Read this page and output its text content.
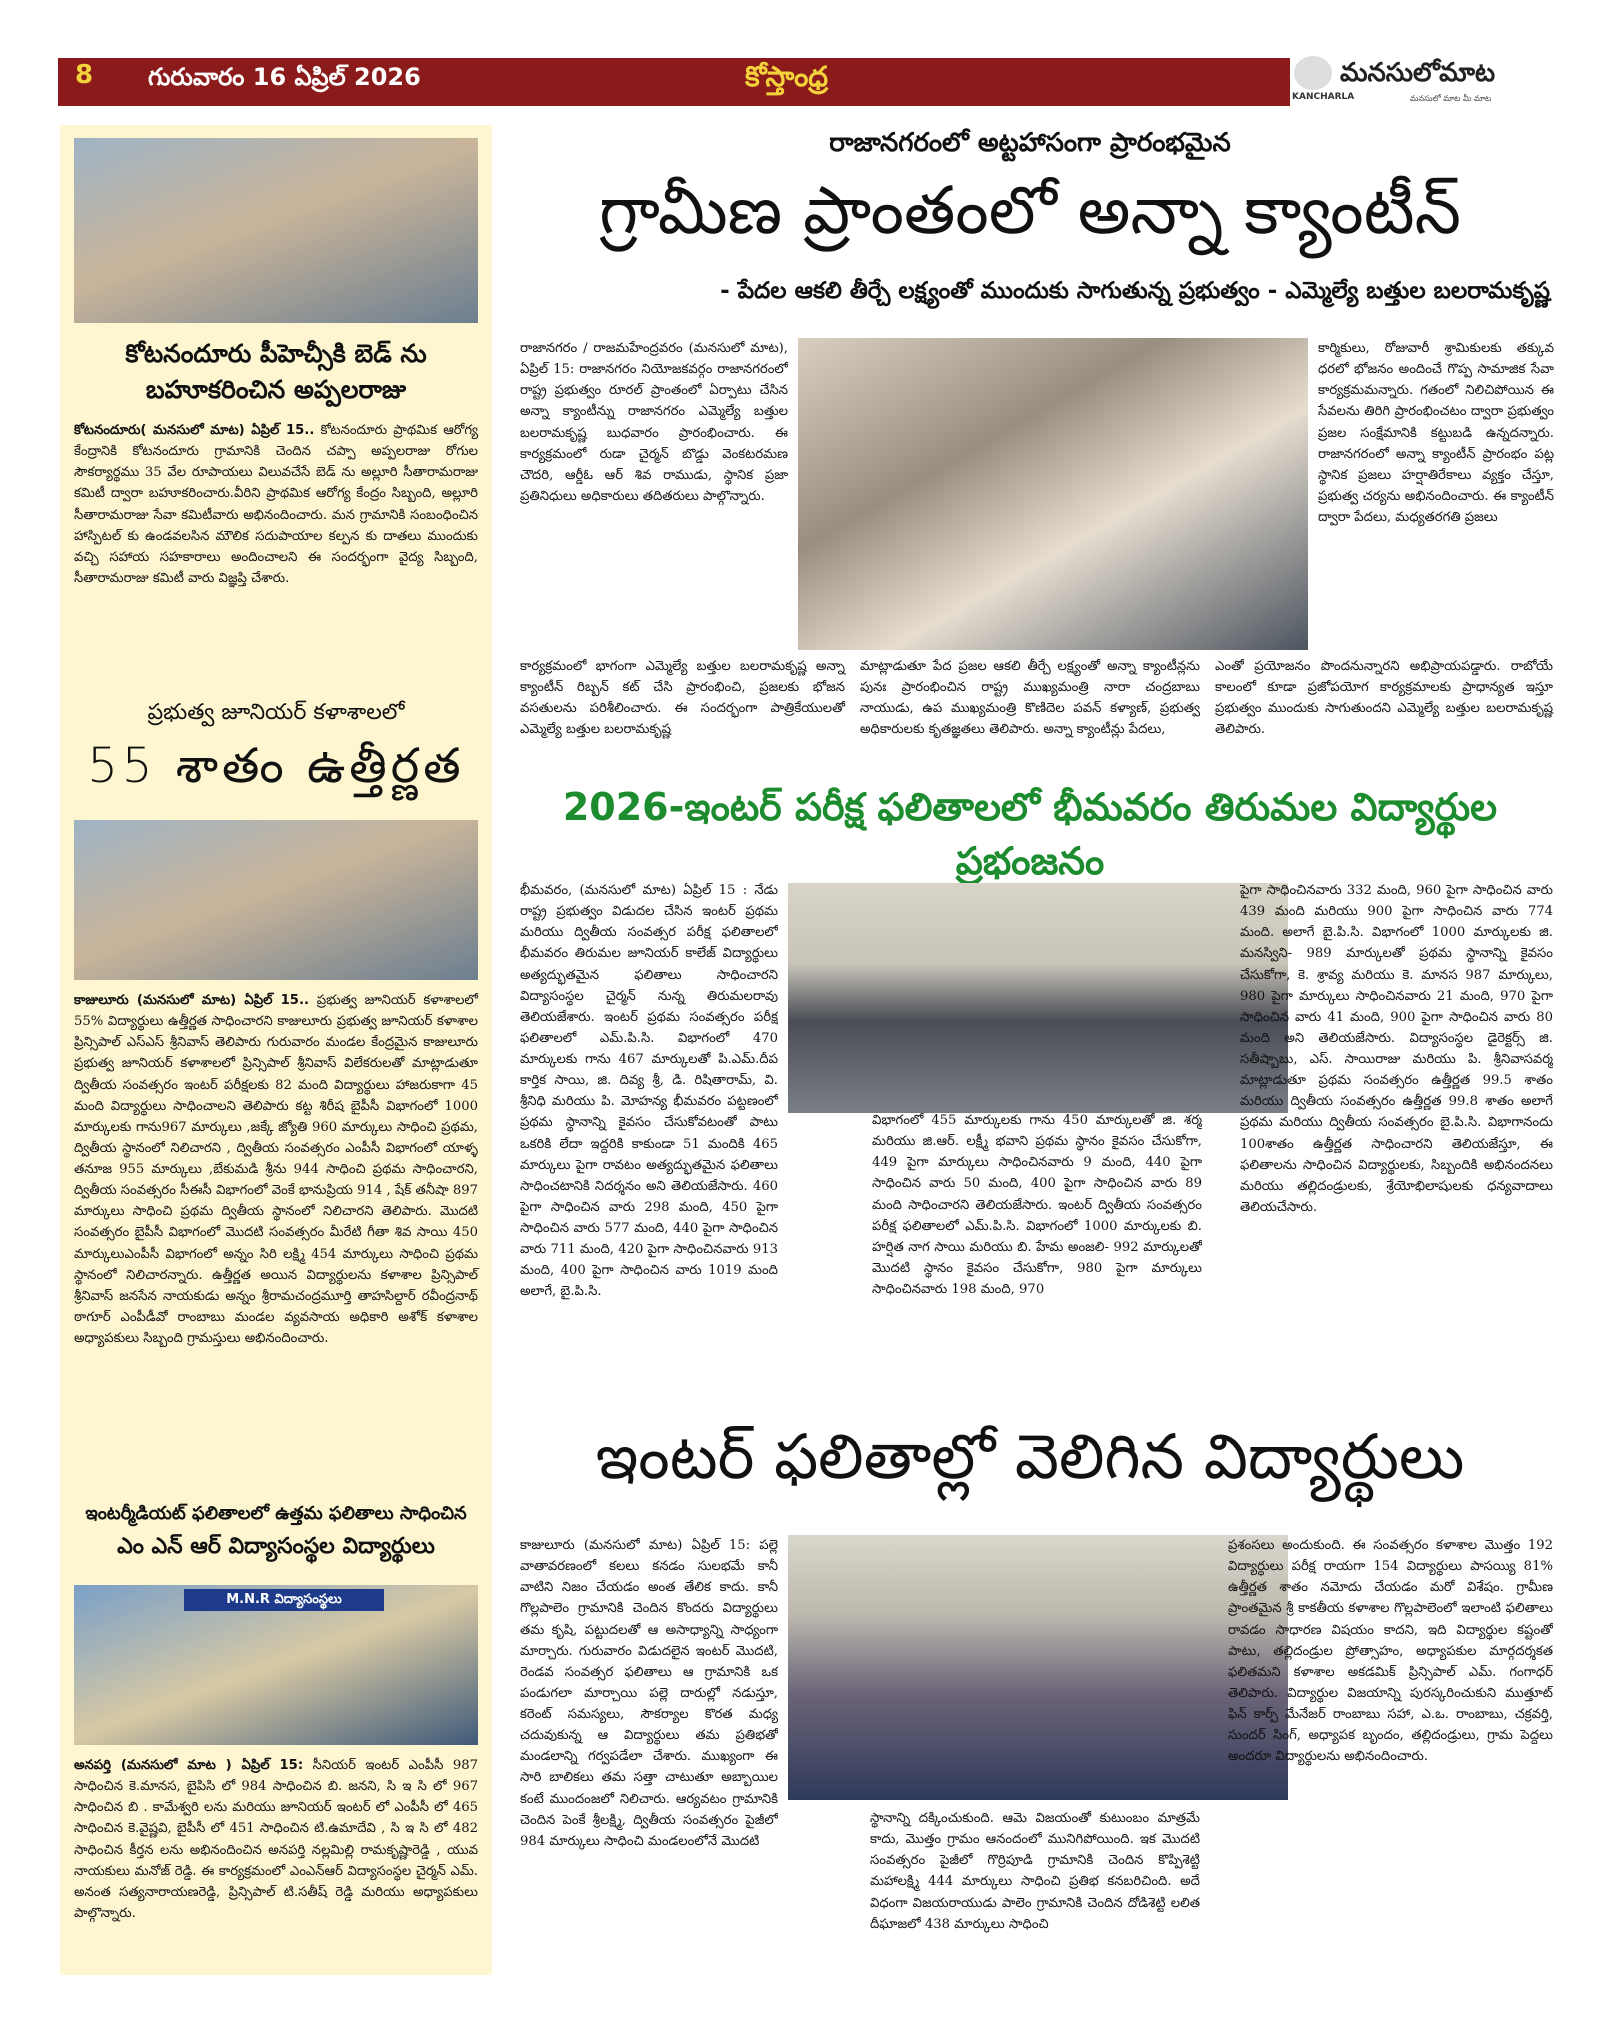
8 గురువారం 16 ఏప్రిల్ 2026	కోస్తాంధ్ర
KANCHARLA
మనసులోమాట
మనసులో మాట మీ మాట
కోటనందూరు పీహెచ్సీకి బెడ్ ను
బహూకరించిన అప్పలరాజు
కోటనందూరు( మనసులో మాట) ఏప్రిల్ 15.. కోటనందూరు ప్రాథమిక ఆరోగ్య కేంద్రానికి కోటనందూరు గ్రామానికి చెందిన చప్పా అప్పలరాజు రోగుల సౌకర్యార్థము 35 వేల రూపాయలు విలువచేసే బెడ్ ను అల్లూరి సీతారామరాజు కమిటీ ద్వారా బహూకరించారు.వీరిని ప్రాథమిక ఆరోగ్య కేంద్రం సిబ్బంది, అల్లూరి సీతారామరాజు సేవా కమిటీవారు అభినందించారు. మన గ్రామానికి సంబంధించిన హాస్పిటల్ కు ఉండవలసిన మౌలిక సదుపాయాల కల్పన కు దాతలు ముందుకు వచ్చి సహాయ సహకారాలు అందించాలని ఈ సందర్భంగా వైద్య సిబ్బంది, సీతారామరాజు కమిటీ వారు విజ్ఞప్తి చేశారు.
ప్రభుత్వ జూనియర్ కళాశాలలో
55 శాతం ఉత్తీర్ణత
కాజులూరు (మనసులో మాట) ఏప్రిల్ 15.. ప్రభుత్వ జూనియర్ కళాశాలలో 55% విద్యార్థులు ఉత్తీర్ణత సాధించారని కాజులూరు ప్రభుత్వ జూనియర్ కళాశాల ప్రిన్సిపాల్ ఎస్ఎస్ శ్రీనివాస్ తెలిపారు గురువారం మండల కేంద్రమైన కాజులూరు ప్రభుత్వ జూనియర్ కళాశాలలో ప్రిన్సిపాల్ శ్రీనివాస్ విలేకరులతో మాట్లాడుతూ ద్వితీయ సంవత్సరం ఇంటర్ పరీక్షలకు 82 మంది విద్యార్థులు హాజరుకాగా 45 మంది విద్యార్థులు సాధించాలని తెలిపారు కట్ట శిరీష బైపీసీ విభాగంలో 1000 మార్కులకు గాను967 మార్కులు ,జక్కే జ్యోతి 960 మార్కులు సాధించి ప్రథమ, ద్వితీయ స్థానంలో నిలిచారని , ద్వితీయ సంవత్సరం ఎంపీసీ విభాగంలో యాళ్ళ తనూజ 955 మార్కులు ,బేకుమడి శ్రీను 944 సాధించి ప్రథమ సాధించారని, ద్వితీయ సంవత్సరం సీఈసీ విభాగంలో వెంకే భానుప్రియ 914 , షేక్ తనీషా 897 మార్కులు సాధించి ప్రథమ ద్వితీయ స్థానంలో నిలిచారని తెలిపారు. మొదటి సంవత్సరం బైపీసీ విభాగంలో మొదటి సంవత్సరం మీరేటి గీతా శివ సాయి 450 మార్కులుఎంపీసీ విభాగంలో అన్నం సిరి లక్ష్మి 454 మార్కులు సాధించి ప్రథమ స్థానంలో నిలిచారన్నారు. ఉత్తీర్ణత అయిన విద్యార్థులను కళాశాల ప్రిన్సిపాల్ శ్రీనివాస్ జనసేన నాయకుడు అన్నం శ్రీరామచంద్రమూర్తి తాహసిల్దార్ రవీంద్రనాథ్ ఠాగూర్ ఎంపీడీవో రాంబాబు మండల వ్యవసాయ అధికారి అశోక్ కళాశాల అధ్యాపకులు సిబ్బంది గ్రామస్తులు అభినందించారు.
ఇంటర్మీడియట్ ఫలితాలలో ఉత్తమ ఫలితాలు సాధించిన
ఎం ఎన్ ఆర్ విద్యాసంస్థల విద్యార్థులు
M.N.R విద్యాసంస్థలు
అనపర్తి (మనసులో మాట ) ఏప్రిల్ 15: సీనియర్ ఇంటర్ ఎంపీసీ 987 సాధించిన కె.మానస, బైపిసి లో 984 సాధించిన బి. జనని, సి ఇ సి లో 967 సాధించిన బి . కామేశ్వరి లను మరియు జూనియర్ ఇంటర్ లో ఎంపీసీ లో 465 సాధించిన కె.వైష్ణవి, బైపీసీ లో 451 సాధించిన టి.ఉమాదేవి , సి ఇ సి లో 482 సాధించిన కీర్తన లను అభినందించిన అనపర్తి నల్లమిల్లి రామకృష్ణారెడ్డి , యువ నాయకులు మనోజ్ రెడ్డి. ఈ కార్యక్రమంలో ఎంఎన్ఆర్ విద్యాసంస్థల చైర్మన్ ఎమ్. అనంత సత్యనారాయణరెడ్డి, ప్రిన్సిపాల్ టి.సతీష్ రెడ్డి మరియు అధ్యాపకులు పాల్గొన్నారు.
రాజానగరంలో అట్టహాసంగా ప్రారంభమైన
గ్రామీణ ప్రాంతంలో అన్నా క్యాంటీన్
- పేదల ఆకలి తీర్చే లక్ష్యంతో ముందుకు సాగుతున్న ప్రభుత్వం - ఎమ్మెల్యే బత్తుల బలరామకృష్ణ
రాజానగరం / రాజమహేంద్రవరం (మనసులో మాట), ఏప్రిల్ 15: రాజానగరం నియోజకవర్గం రాజానగరంలో రాష్ట్ర ప్రభుత్వం రూరల్ ప్రాంతంలో ఏర్పాటు చేసిన అన్నా క్యాంటీన్ను రాజానగరం ఎమ్మెల్యే బత్తుల బలరామకృష్ణ బుధవారం ప్రారంభించారు. ఈ కార్యక్రమంలో రుడా చైర్మన్ బొడ్డు వెంకటరమణ చౌదరి, ఆర్డీఓ ఆర్ శివ రాముడు, స్థానిక ప్రజా ప్రతినిధులు అధికారులు తదితరులు పాల్గొన్నారు.
కార్మికులు, రోజువారీ శ్రామికులకు తక్కువ ధరలో భోజనం అందించే గొప్ప సామాజిక సేవా కార్యక్రమమన్నారు. గతంలో నిలిచిపోయిన ఈ సేవలను తిరిగి ప్రారంభించటం ద్వారా ప్రభుత్వం ప్రజల సంక్షేమానికి కట్టుబడి ఉన్నదన్నారు. రాజానగరంలో అన్నా క్యాంటీన్ ప్రారంభం పట్ల స్థానిక ప్రజలు హర్షాతిరేకాలు వ్యక్తం చేస్తూ, ప్రభుత్వ చర్యను అభినందించారు. ఈ క్యాంటీన్ ద్వారా పేదలు, మధ్యతరగతి ప్రజలు
కార్యక్రమంలో భాగంగా ఎమ్మెల్యే బత్తుల బలరామకృష్ణ అన్నా క్యాంటీన్ రిబ్బన్ కట్ చేసి ప్రారంభించి, ప్రజలకు భోజన వసతులను పరిశీలించారు. ఈ సందర్భంగా పాత్రికేయులతో ఎమ్మెల్యే బత్తుల బలరామకృష్ణ
మాట్లాడుతూ పేద ప్రజల ఆకలి తీర్చే లక్ష్యంతో అన్నా క్యాంటీన్లను పునః ప్రారంభించిన రాష్ట్ర ముఖ్యమంత్రి నారా చంద్రబాబు నాయుడు, ఉప ముఖ్యమంత్రి కొణిదెల పవన్ కళ్యాణ్, ప్రభుత్వ అధికారులకు కృతజ్ఞతలు తెలిపారు. అన్నా క్యాంటీన్లు పేదలు,
ఎంతో ప్రయోజనం పొందనున్నారని అభిప్రాయపడ్డారు. రాబోయే కాలంలో కూడా ప్రజోపయోగ కార్యక్రమాలకు ప్రాధాన్యత ఇస్తూ ప్రభుత్వం ముందుకు సాగుతుందని ఎమ్మెల్యే బత్తుల బలరామకృష్ణ తెలిపారు.
2026-ఇంటర్ పరీక్ష ఫలితాలలో భీమవరం తిరుమల విద్యార్థుల ప్రభంజనం
భీమవరం, (మనసులో మాట) ఏప్రిల్ 15 : నేడు రాష్ట్ర ప్రభుత్వం విడుదల చేసిన ఇంటర్ ప్రథమ మరియు ద్వితీయ సంవత్సర పరీక్ష ఫలితాలలో భీమవరం తిరుమల జూనియర్ కాలేజ్ విద్యార్థులు అత్యద్భుతమైన ఫలితాలు సాధించారని విద్యాసంస్థల చైర్మన్ నున్న తిరుమలరావు తెలియజేశారు. ఇంటర్ ప్రథమ సంవత్సరం పరీక్ష ఫలితాలలో ఎమ్.పి.సి. విభాగంలో 470 మార్కులకు గాను 467 మార్కులతో పి.ఎమ్.దీప కార్తిక సాయి, జి. దివ్య శ్రీ, డి. రిషితారామ్, వి. శ్రీనిధి మరియు పి. మోహన్య భీమవరం పట్టణంలో ప్రథమ స్థానాన్ని కైవసం చేసుకోవటంతో పాటు ఒకరికి లేదా ఇద్దరికి కాకుండా 51 మందికి 465 మార్కులు పైగా రావటం అత్యద్భుతమైన ఫలితాలు సాధించటానికి నిదర్శనం అని తెలియజేసారు. 460 పైగా సాధించిన వారు 298 మంది, 450 పైగా సాధించిన వారు 577 మంది, 440 పైగా సాధించిన వారు 711 మంది, 420 పైగా సాధించినవారు 913 మంది, 400 పైగా సాధించిన వారు 1019 మంది అలాగే, బై.పి.సి.
విభాగంలో 455 మార్కులకు గాను 450 మార్కులతో జి. శర్మ మరియు జి.ఆర్. లక్ష్మీ భవాని ప్రథమ స్థానం కైవసం చేసుకోగా, 449 పైగా మార్కులు సాధించినవారు 9 మంది, 440 పైగా సాధించిన వారు 50 మంది, 400 పైగా సాధించిన వారు 89 మంది సాధించారని తెలియజేసారు. ఇంటర్ ద్వితీయ సంవత్సరం పరీక్ష ఫలితాలలో ఎమ్.పి.సి. విభాగంలో 1000 మార్కులకు బి. హర్షిత నాగ సాయి మరియు బి. హేమ అంజలి- 992 మార్కులతో మొదటి స్థానం కైవసం చేసుకోగా, 980 పైగా మార్కులు సాధించినవారు 198 మంది, 970
పైగా సాధించినవారు 332 మంది, 960 పైగా సాధించిన వారు 439 మంది మరియు 900 పైగా సాధించిన వారు 774 మంది. అలాగే బై.పి.సి. విభాగంలో 1000 మార్కులకు జి. మనస్విని- 989 మార్కులతో ప్రథమ స్థానాన్ని కైవసం చేసుకోగా, కె. శ్రావ్య మరియు కె. మానస 987 మార్కులు, 980 పైగా మార్కులు సాధించినవారు 21 మంది, 970 పైగా సాధించిన వారు 41 మంది, 900 పైగా సాధించిన వారు 80 మంది అని తెలియజేసారు. విద్యాసంస్థల డైరెక్టర్స్ జి. సతీష్బాబు, ఎస్. సాయిరాజు మరియు పి. శ్రీనివాసవర్మ మాట్లాడుతూ ప్రథమ సంవత్సరం ఉత్తీర్ణత 99.5 శాతం మరియు ద్వితీయ సంవత్సరం ఉత్తీర్ణత 99.8 శాతం అలాగే ప్రథమ మరియు ద్వితీయ సంవత్సరం బై.పి.సి. విభాగానందు 100శాతం ఉత్తీర్ణత సాధించారని తెలియజేస్తూ, ఈ ఫలితాలను సాధించిన విద్యార్థులకు, సిబ్బందికి అభినందనలు మరియు తల్లిదండ్రులకు, శ్రేయోభిలాషులకు ధన్యవాదాలు తెలియచేసారు.
ఇంటర్ ఫలితాల్లో వెలిగిన విద్యార్థులు
కాజులూరు (మనసులో మాట) ఏప్రిల్ 15: పల్లె వాతావరణంలో కలలు కనడం సులభమే కానీ వాటిని నిజం చేయడం అంత తేలిక కాదు. కానీ గొల్లపాలెం గ్రామానికి చెందిన కొందరు విద్యార్థులు తమ కృషి, పట్టుదలతో ఆ అసాధ్యాన్ని సాధ్యంగా మార్చారు. గురువారం విడుదలైన ఇంటర్ మొదటి, రెండవ సంవత్సర ఫలితాలు ఆ గ్రామానికి ఒక పండుగలా మార్చాయి పల్లె దారుల్లో నడుస్తూ, కరెంట్ సమస్యలు, సౌకర్యాల కొరత మధ్య చదువుకున్న ఆ విద్యార్థులు తమ ప్రతిభతో మండలాన్ని గర్వపడేలా చేశారు. ముఖ్యంగా ఈ సారి బాలికలు తమ సత్తా చాటుతూ అబ్బాయిల కంటే ముందంజలో నిలిచారు. ఆర్యవటం గ్రామానికి చెందిన పెంకే శ్రీలక్ష్మి, ద్వితీయ సంవత్సరం పైజీలో 984 మార్కులు సాధించి మండలంలోనే మొదటి
స్థానాన్ని దక్కించుకుంది. ఆమె విజయంతో కుటుంబం మాత్రమే కాదు, మొత్తం గ్రామం ఆనందంలో మునిగిపోయింది. ఇక మొదటి సంవత్సరం పైజీలో గొర్రిపూడి గ్రామానికి చెందిన కొప్పిశెట్టి మహాలక్ష్మి 444 మార్కులు సాధించి ప్రతిభ కనబరిచింది. అదే విధంగా విజయరాయుడు పాలెం గ్రామానికి చెందిన దోడిశెట్టి లలిత దీఘాజలో 438 మార్కులు సాధించి
ప్రశంసలు అందుకుంది. ఈ సంవత్సరం కళాశాల మొత్తం 192 విద్యార్థులు పరీక్ష రాయగా 154 విద్యార్థులు పాసయ్యి 81% ఉత్తీర్ణత శాతం నమోదు చేయడం మరో విశేషం. గ్రామీణ ప్రాంతమైన శ్రీ కాకతీయ కళాశాల గొల్లపాలెంలో ఇలాంటి ఫలితాలు రావడం సాధారణ విషయం కాదని, ఇది విద్యార్థుల కష్టంతో పాటు, తల్లిదండ్రుల ప్రోత్సాహం, అధ్యాపకుల మార్గదర్శకత ఫలితమని కళాశాల అకడమిక్ ప్రిన్సిపాల్ ఎమ్. గంగాధర్ తెలిపారు. విద్యార్థుల విజయాన్ని పురస్కరించుకుని ముత్తూట్ ఫిన్ కార్ప్ మేనేజర్ రాంబాబు సహా, ఎ.ఒ. రాంబాబు, చక్రవర్తి, సుందర్ సింగ్, అధ్యాపక బృందం, తల్లిదండ్రులు, గ్రామ పెద్దలు అందరూ విద్యార్థులను అభినందించారు.
